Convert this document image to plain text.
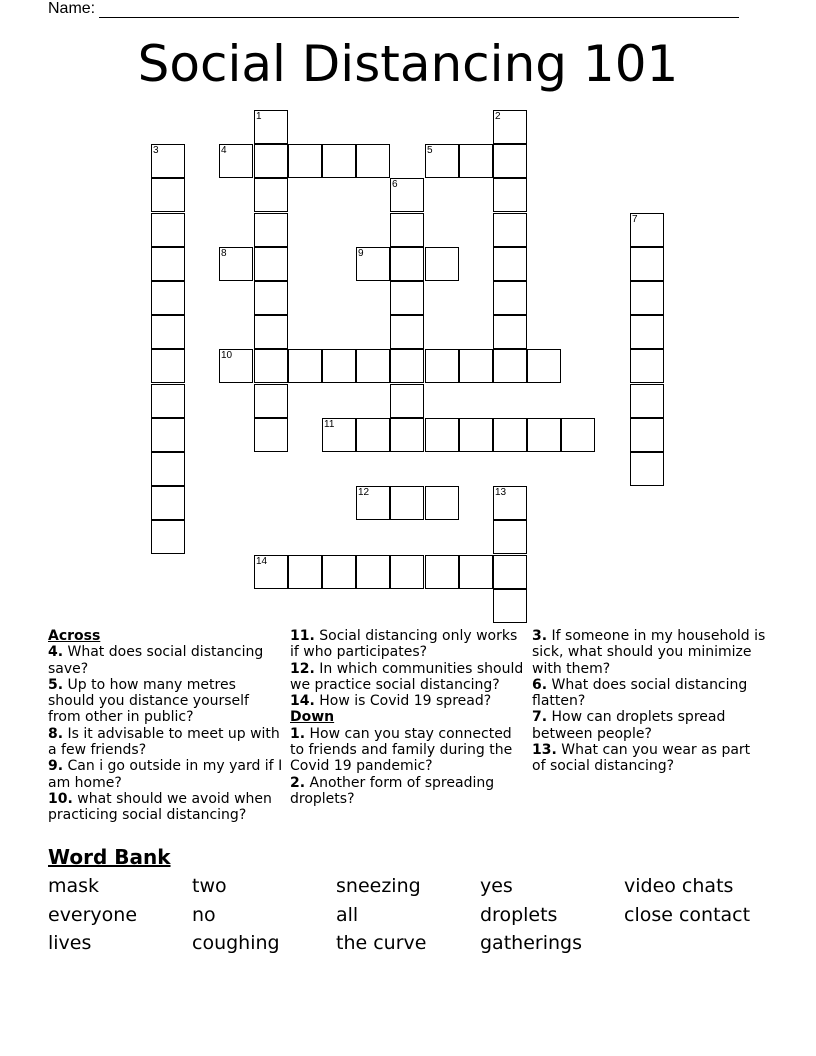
Name:
Social Distancing 101
1	2
3	4	5
6
7
8	9
10
11
12	13
14
Across

4. What does social distancing save?

5. Up to how many metres should you distance yourself from other in public?

8. Is it advisable to meet up with a few friends?

9. Can i go outside in my yard if I am home?

10. what should we avoid when practicing social distancing?

11. Social distancing only works if who participates?

12. In which communities should we practice social distancing?

14. How is Covid 19 spread?

Down

1. How can you stay connected to friends and family during the Covid 19 pandemic?

2. Another form of spreading droplets?

3. If someone in my household is sick, what should you minimize with them?

6. What does social distancing flatten?

7. How can droplets spread between people?

13. What can you wear as part of social distancing?

Word Bank
mask	two	sneezing	yes	video chats
everyone	no	all	droplets	close contact
lives	coughing	the curve	gatherings
